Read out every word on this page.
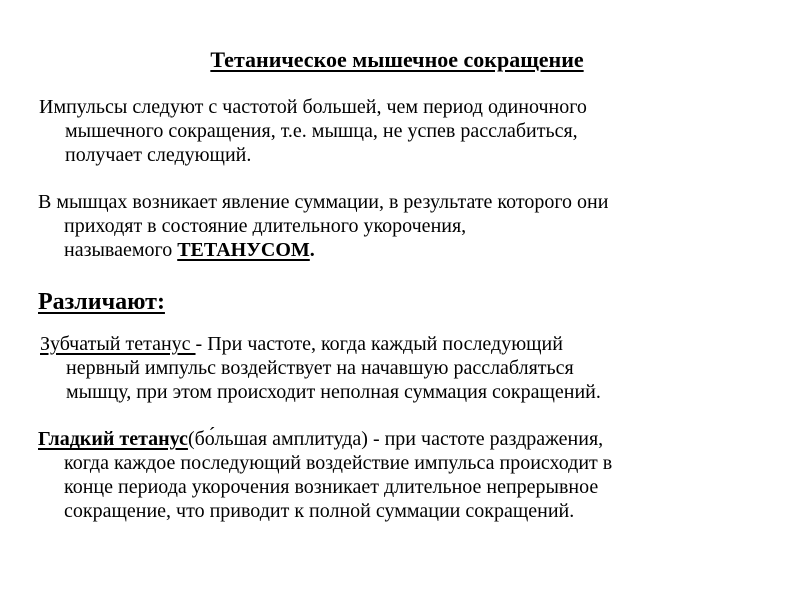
Тетаническое мышечное сокращение
Импульсы следуют с частотой большей, чем период одиночного
мышечного сокращения, т.е. мышца, не успев расслабиться,
получает следующий.
В мышцах возникает явление суммации, в результате которого они
приходят в состояние длительного укорочения,
называемого ТЕТАНУСОМ.
Различают:
Зубчатый тетанус - При частоте, когда каждый последующий
нервный импульс воздействует на начавшую расслабляться
мышцу, при этом происходит неполная суммация сокращений.
Гладкий тетанус(бо́льшая амплитуда) - при частоте раздражения,
когда каждое последующий воздействие импульса происходит в
конце периода укорочения возникает длительное непрерывное
сокращение, что приводит к полной суммации сокращений.
